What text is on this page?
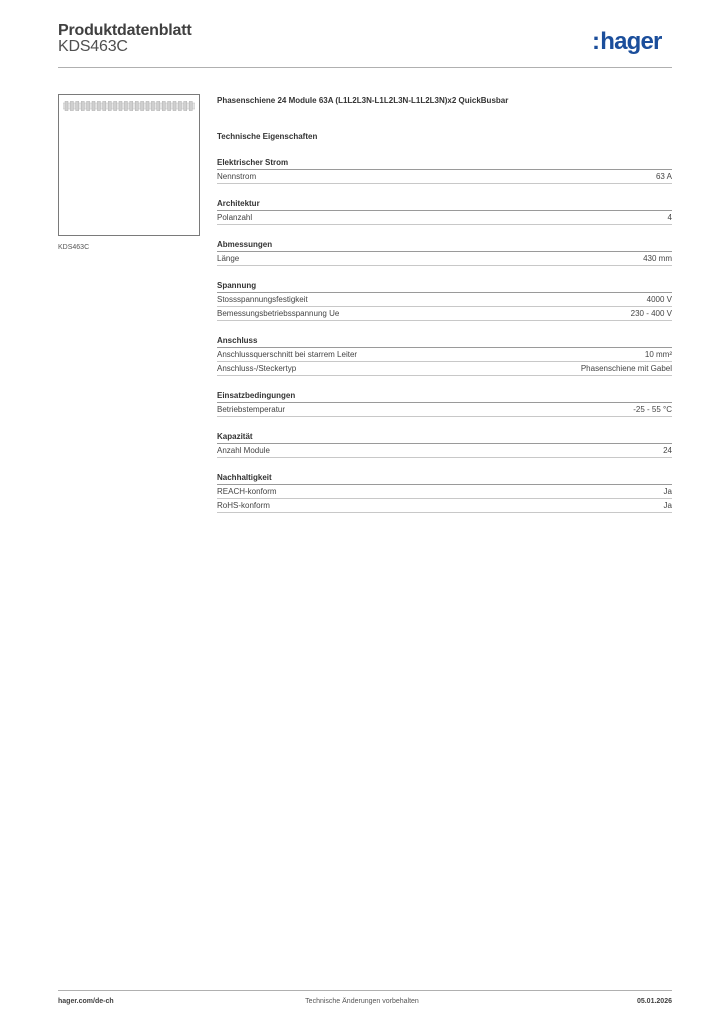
Produktdatenblatt
KDS463C	:hager
KDS463C
Phasenschiene 24 Module 63A (L1L2L3N-L1L2L3N-L1L2L3N)x2 QuickBusbar
Technische Eigenschaften
Elektrischer Strom
Nennstrom	63 A
Architektur
Polanzahl	4
Abmessungen
Länge	430 mm
Spannung
Stossspannungsfestigkeit	4000 V
Bemessungsbetriebsspannung Ue	230 - 400 V
Anschluss
Anschlussquerschnitt bei starrem Leiter	10 mm²
Anschluss-/Steckertyp	Phasenschiene mit Gabel
Einsatzbedingungen
Betriebstemperatur	-25 - 55 °C
Kapazität
Anzahl Module	24
Nachhaltigkeit
REACH-konform	Ja
RoHS-konform	Ja
hager.com/de-ch	Technische Änderungen vorbehalten	05.01.2026
